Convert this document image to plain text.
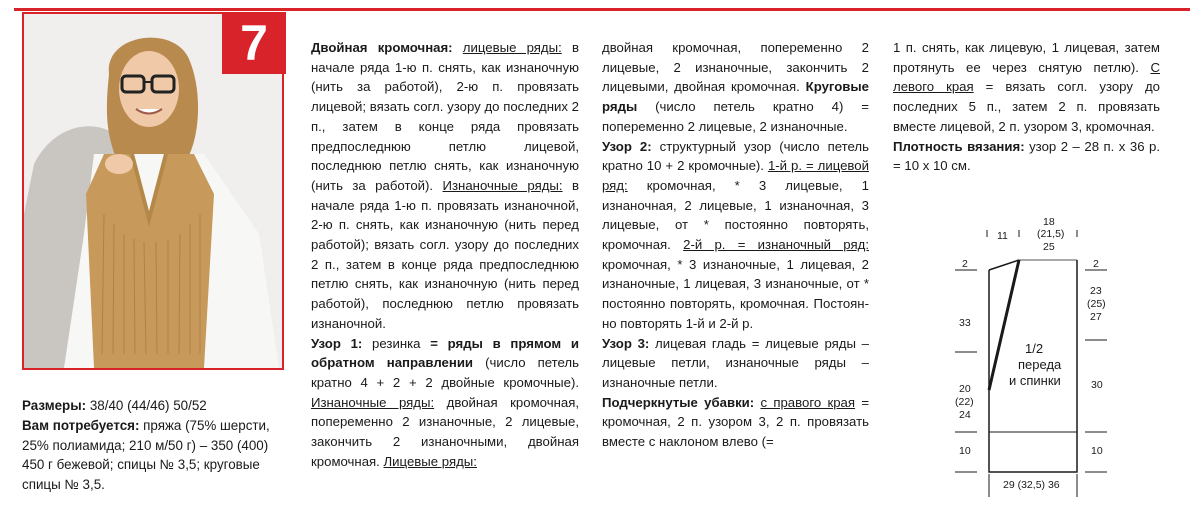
7

Размеры: 38/40 (44/46) 50/52

Вам потребуется: пряжа (75% шерсти, 25% полиамида; 210 м/50 г) – 350 (400) 450 г бежевой; спицы № 3,5; круговые спицы № 3,5.

Двойная кромочная: лицевые ряды: в начале ряда 1-ю п. снять, как изнаночную (нить за работой), 2-ю п. провязать лицевой; вязать согл. узору до последних 2 п., затем в конце ряда провязать предпоследнюю петлю лицевой, последнюю петлю снять, как изнаночную (нить за работой). Изнаночные ряды: в начале ряда 1-ю п. провязать изнаночной, 2-ю п. снять, как изнаночную (нить перед работой); вязать согл. узору до последних 2 п., затем в конце ряда предпоследнюю петлю снять, как изнаночную (нить перед работой), последнюю петлю провязать изнаночной.

Узор 1: резинка = ряды в прямом и обратном направлении (число петель кратно 4 + 2 + 2 двойные кромочные). Изнаночные ряды: двойная кромочная, попеременно 2 изнаночные, 2 лицевые, закончить 2 изнаночными, двойная кромочная. Лицевые ряды:

двойная кромочная, попеременно 2 лицевые, 2 изнаночные, закончить 2 лицевыми, двойная кромочная. Круговые ряды (число петель кратно 4) = попеременно 2 лицевые, 2 изнаночные.

Узор 2: структурный узор (число петель кратно 10 + 2 кромочные). 1-й р. = лицевой ряд: кромочная, * 3 лицевые, 1 изнаночная, 2 лицевые, 1 изнаночная, 3 лицевые, от * постоянно повторять, кромочная. 2-й р. = изнаночный ряд: кромочная, * 3 изнаночные, 1 лицевая, 2 изнаночные, 1 лицевая, 3 изнаночные, от * постоянно повторять, кромочная. Постоянно повторять 1-й и 2-й р.

Узор 3: лицевая гладь = лицевые ряды – лицевые петли, изнаночные ряды – изнаночные петли.

Подчеркнутые убавки: с правого края = кромочная, 2 п. узором 3, 2 п. провязать вместе с наклоном влево (=

1 п. снять, как лицевую, 1 лицевая, затем протянуть ее через снятую петлю). С левого края = вязать согл. узору до последних 5 п., затем 2 п. провязать вместе лицевой, 2 п. узором 3, кромочная.

Плотность вязания: узор 2 – 28 п. х 36 р. = 10 х 10 см.

11
18
(21,5)
25
2	2
33
23
(25)
27
1/2
переда
и спинки
20
(22)
24
30
10	10
29 (32,5) 36
